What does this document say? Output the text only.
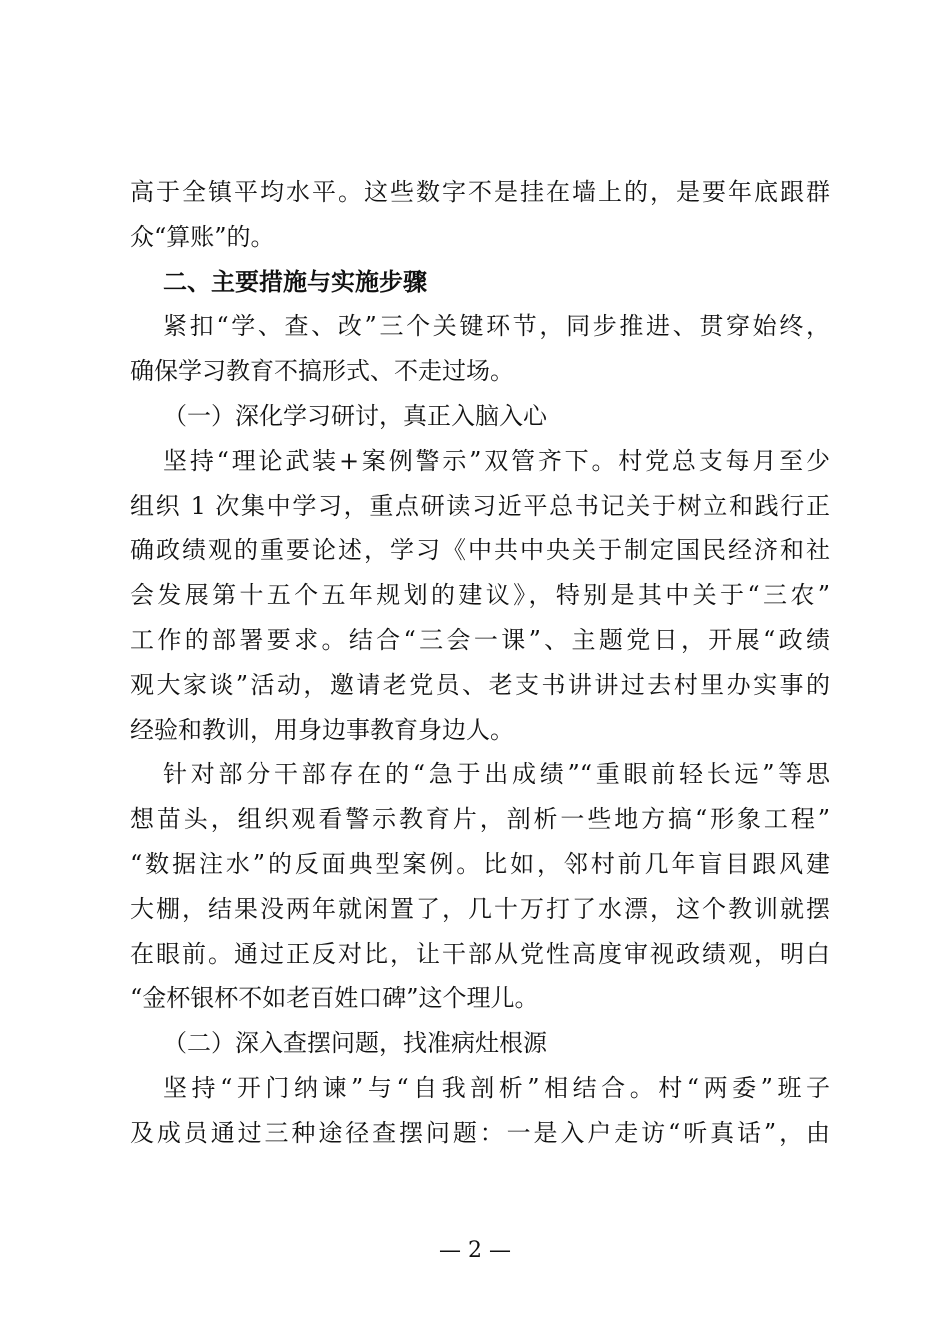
高于全镇平均水平。这些数字不是挂在墙上的，是要年底跟群
众“算账”的。
二、主要措施与实施步骤
紧扣“学、查、改”三个关键环节，同步推进、贯穿始终，
确保学习教育不搞形式、不走过场。
（一）深化学习研讨，真正入脑入心
坚持“理论武装+案例警示”双管齐下。村党总支每月至少
组织 1 次集中学习，重点研读习近平总书记关于树立和践行正
确政绩观的重要论述，学习《中共中央关于制定国民经济和社
会发展第十五个五年规划的建议》，特别是其中关于“三农”
工作的部署要求。结合“三会一课”、主题党日，开展“政绩
观大家谈”活动，邀请老党员、老支书讲讲过去村里办实事的
经验和教训，用身边事教育身边人。
针对部分干部存在的“急于出成绩”“重眼前轻长远”等思
想苗头，组织观看警示教育片，剖析一些地方搞“形象工程”
“数据注水”的反面典型案例。比如，邻村前几年盲目跟风建
大棚，结果没两年就闲置了，几十万打了水漂，这个教训就摆
在眼前。通过正反对比，让干部从党性高度审视政绩观，明白
“金杯银杯不如老百姓口碑”这个理儿。
（二）深入查摆问题，找准病灶根源
坚持“开门纳谏”与“自我剖析”相结合。村“两委”班子
及成员通过三种途径查摆问题：一是入户走访“听真话”，由
— 2 —
